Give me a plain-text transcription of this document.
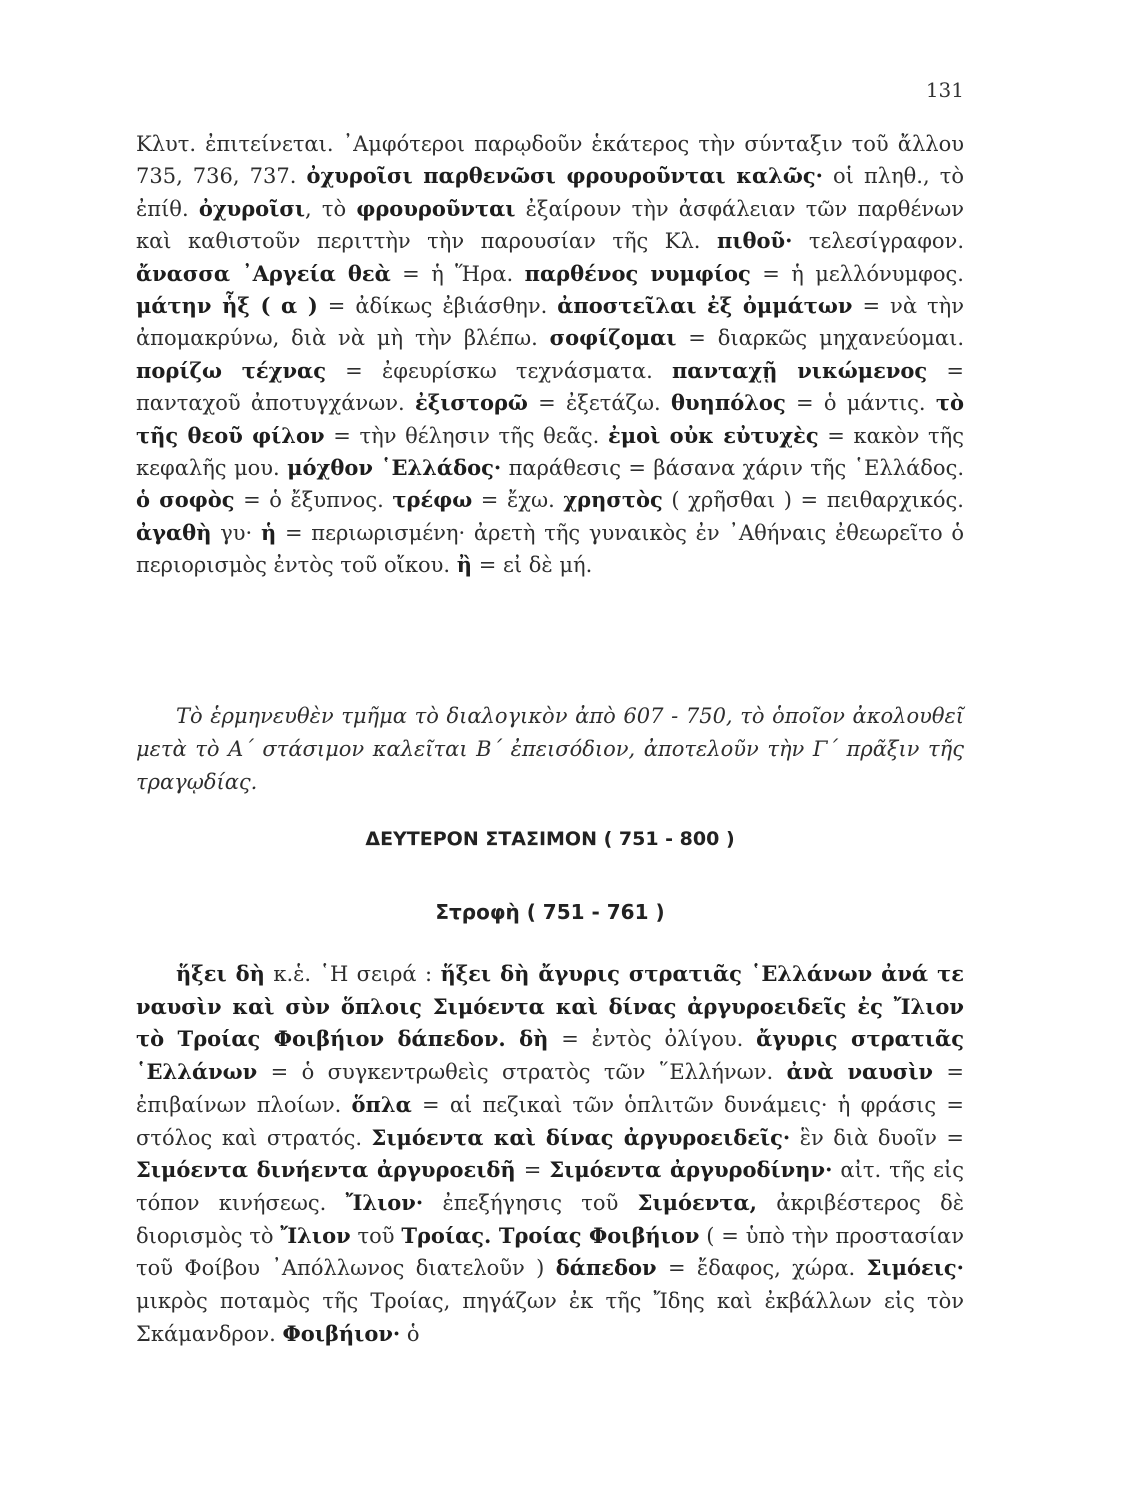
131

Κλυτ. ἐπιτείνεται. ᾿Αμφότεροι παρῳδοῦν ἑκάτερος τὴν σύνταξιν τοῦ ἄλλου 735, 736, 737. ὀχυροῖσι παρθενῶσι φρουροῦνται καλῶς· οἱ πληθ., τὸ ἐπίθ. ὀχυροῖσι, τὸ φρουροῦνται ἐξαίρουν τὴν ἀσφάλειαν τῶν παρθένων καὶ καθιστοῦν περιττὴν τὴν παρουσίαν τῆς Κλ. πιθοῦ· τελεσίγραφον. ἄνασσα ᾿Αργεία θεὰ = ἡ Ἥρα. παρθένος νυμφίος = ἡ μελλόνυμφος. μάτην ἧξ ( α ) = ἀδίκως ἐβιάσθην. ἀποστεῖλαι ἐξ ὀμμάτων = νὰ τὴν ἀπομακρύνω, διὰ νὰ μὴ τὴν βλέπω. σοφίζομαι = διαρκῶς μηχανεύομαι. πορίζω τέχνας = ἐφευρίσκω τεχνάσματα. πανταχῇ νικώμενος = πανταχοῦ ἀποτυγχάνων. ἐξιστορῶ = ἐξετάζω. θυηπόλος = ὁ μάντις. τὸ τῆς θεοῦ φίλον = τὴν θέλησιν τῆς θεᾶς. ἐμοὶ οὐκ εὐτυχὲς = κακὸν τῆς κεφαλῆς μου. μόχθον ῾Ελλάδος· παράθεσις = βάσανα χάριν τῆς ῾Ελλάδος. ὁ σοφὸς = ὁ ἔξυπνος. τρέφω = ἔχω. χρηστὸς ( χρῆσθαι ) = πειθαρχικός. ἀγαθὴ γυ· ἡ = περιωρισμένη· ἀρετὴ τῆς γυναικὸς ἐν ᾿Αθήναις ἐθεωρεῖτο ὁ περιορισμὸς ἐντὸς τοῦ οἴκου. ἢ = εἰ δὲ μή.

Τὸ ἑρμηνευθὲν τμῆμα τὸ διαλογικὸν ἀπὸ 607 - 750, τὸ ὁποῖον ἀκολουθεῖ μετὰ τὸ Α΄ στάσιμον καλεῖται Β΄ ἐπεισόδιον, ἀποτελοῦν τὴν Γ΄ πρᾶξιν τῆς τραγῳδίας.

ΔΕΥΤΕΡΟΝ ΣΤΑΣΙΜΟΝ ( 751 - 800 )
Στροφὴ ( 751 - 761 )

ἥξει δὴ κ.ἑ. ῾Η σειρά : ἥξει δὴ ἄγυρις στρατιᾶς ῾Ελλάνων ἀνά τε ναυσὶν καὶ σὺν ὅπλοις Σιμόεντα καὶ δίνας ἀργυροειδεῖς ἐς Ἴλιον τὸ Τροίας Φοιβήιον δάπεδον. δὴ = ἐντὸς ὀλίγου. ἄγυρις στρατιᾶς ῾Ελλάνων = ὁ συγκεντρωθεὶς στρατὸς τῶν ῞Ελλήνων. ἀνὰ ναυσὶν = ἐπιβαίνων πλοίων. ὅπλα = αἱ πεζικαὶ τῶν ὁπλιτῶν δυνάμεις· ἡ φράσις = στόλος καὶ στρατός. Σιμόεντα καὶ δίνας ἀργυροειδεῖς· ἓν διὰ δυοῖν = Σιμόεντα δινήεντα ἀργυροειδῆ = Σιμόεντα ἀργυροδίνην· αἰτ. τῆς εἰς τόπον κινήσεως. Ἴλιον· ἐπεξήγησις τοῦ Σιμόεντα, ἀκριβέστερος δὲ διορισμὸς τὸ Ἴλιον τοῦ Τροίας. Τροίας Φοιβήιον ( = ὑπὸ τὴν προστασίαν τοῦ Φοίβου ᾿Απόλλωνος διατελοῦν ) δάπεδον = ἔδαφος, χώρα. Σιμόεις· μικρὸς ποταμὸς τῆς Τροίας, πηγάζων ἐκ τῆς Ἴδης καὶ ἐκβάλλων εἰς τὸν Σκάμανδρον. Φοιβήιον· ὁ
